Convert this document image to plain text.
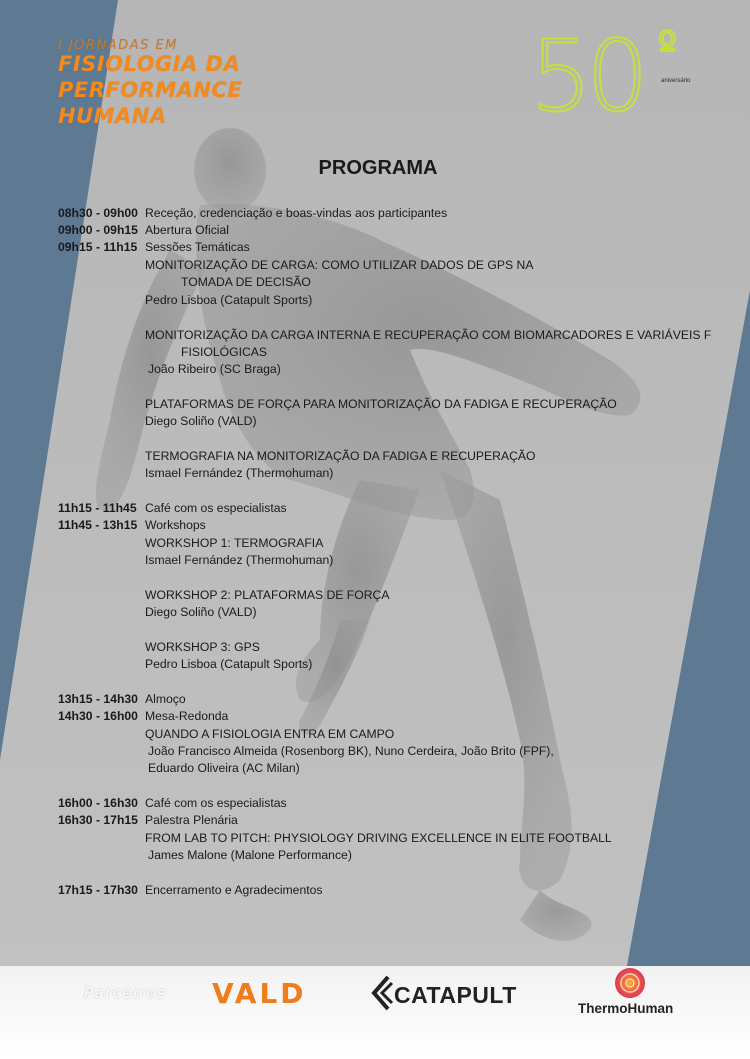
I JORNADAS EM
FISIOLOGIA DA
PERFORMANCE
HUMANA	50 º
aniversário
PROGRAMA
08h30 - 09h00 Receção, credenciação e boas-vindas aos participantes
09h00 - 09h15 Abertura Oficial
09h15 - 11h15 Sessões Temáticas
MONITORIZAÇÃO DE CARGA: COMO UTILIZAR DADOS DE GPS NA
TOMADA DE DECISÃO
Pedro Lisboa (Catapult Sports)
MONITORIZAÇÃO DA CARGA INTERNA E RECUPERAÇÃO COM BIOMARCADORES E VARIÁVEIS F
FISIOLÓGICAS
João Ribeiro (SC Braga)
PLATAFORMAS DE FORÇA PARA MONITORIZAÇÃO DA FADIGA E RECUPERAÇÃO
Diego Soliño (VALD)
TERMOGRAFIA NA MONITORIZAÇÃO DA FADIGA E RECUPERAÇÃO
Ismael Fernández (Thermohuman)
11h15 - 11h45 Café com os especialistas
11h45 - 13h15 Workshops
WORKSHOP 1: TERMOGRAFIA
Ismael Fernández (Thermohuman)
WORKSHOP 2: PLATAFORMAS DE FORÇA
Diego Soliño (VALD)
WORKSHOP 3: GPS
Pedro Lisboa (Catapult Sports)
13h15 - 14h30 Almoço
14h30 - 16h00 Mesa-Redonda
QUANDO A FISIOLOGIA ENTRA EM CAMPO
João Francisco Almeida (Rosenborg BK), Nuno Cerdeira, João Brito (FPF),
Eduardo Oliveira (AC Milan)
16h00 - 16h30 Café com os especialistas
16h30 - 17h15 Palestra Plenária
FROM LAB TO PITCH: PHYSIOLOGY DRIVING EXCELLENCE IN ELITE FOOTBALL
James Malone (Malone Performance)
17h15 - 17h30 Encerramento e Agradecimentos
Parceiros VALD	CATAPULT
ThermoHuman
